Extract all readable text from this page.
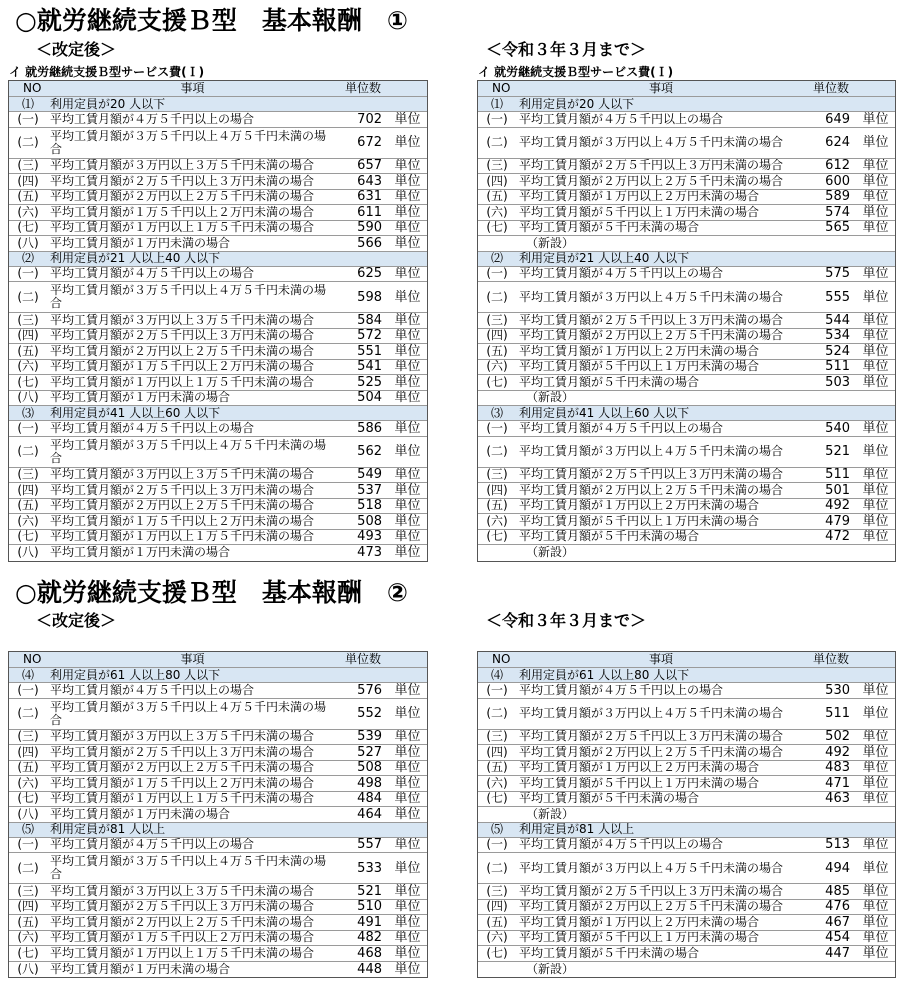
○就労継続支援Ｂ型　基本報酬　①
＜改定後＞	＜令和３年３月まで＞
イ 就労継続支援Ｂ型サービス費(Ｉ)	イ 就労継続支援Ｂ型サービス費(Ｉ)
NO	事項	単位数
⑴	利用定員が20 人以下
(一) 平均工賃月額が４万５千円以上の場合	702 単位
(二) 平均工賃月額が３万５千円以上４万５千円未満の場合	672 単位
(三) 平均工賃月額が３万円以上３万５千円未満の場合	657 単位
(四) 平均工賃月額が２万５千円以上３万円未満の場合	643 単位
(五) 平均工賃月額が２万円以上２万５千円未満の場合	631 単位
(六) 平均工賃月額が１万５千円以上２万円未満の場合	611 単位
(七) 平均工賃月額が１万円以上１万５千円未満の場合	590 単位
(八) 平均工賃月額が１万円未満の場合	566 単位
⑵	利用定員が21 人以上40 人以下
(一) 平均工賃月額が４万５千円以上の場合	625 単位
(二) 平均工賃月額が３万５千円以上４万５千円未満の場合	598 単位
(三) 平均工賃月額が３万円以上３万５千円未満の場合	584 単位
(四) 平均工賃月額が２万５千円以上３万円未満の場合	572 単位
(五) 平均工賃月額が２万円以上２万５千円未満の場合	551 単位
(六) 平均工賃月額が１万５千円以上２万円未満の場合	541 単位
(七) 平均工賃月額が１万円以上１万５千円未満の場合	525 単位
(八) 平均工賃月額が１万円未満の場合	504 単位
⑶	利用定員が41 人以上60 人以下
(一) 平均工賃月額が４万５千円以上の場合	586 単位
(二) 平均工賃月額が３万５千円以上４万５千円未満の場合	562 単位
(三) 平均工賃月額が３万円以上３万５千円未満の場合	549 単位
(四) 平均工賃月額が２万５千円以上３万円未満の場合	537 単位
(五) 平均工賃月額が２万円以上２万５千円未満の場合	518 単位
(六) 平均工賃月額が１万５千円以上２万円未満の場合	508 単位
(七) 平均工賃月額が１万円以上１万５千円未満の場合	493 単位
(八) 平均工賃月額が１万円未満の場合	473 単位
NO	事項	単位数
⑴	利用定員が20 人以下
(一) 平均工賃月額が４万５千円以上の場合	649 単位
(二) 平均工賃月額が３万円以上４万５千円未満の場合	624 単位
(三) 平均工賃月額が２万５千円以上３万円未満の場合	612 単位
(四) 平均工賃月額が２万円以上２万５千円未満の場合	600 単位
(五) 平均工賃月額が１万円以上２万円未満の場合	589 単位
(六) 平均工賃月額が５千円以上１万円未満の場合	574 単位
(七) 平均工賃月額が５千円未満の場合	565 単位
（新設）
⑵	利用定員が21 人以上40 人以下
(一) 平均工賃月額が４万５千円以上の場合	575 単位
(二) 平均工賃月額が３万円以上４万５千円未満の場合	555 単位
(三) 平均工賃月額が２万５千円以上３万円未満の場合	544 単位
(四) 平均工賃月額が２万円以上２万５千円未満の場合	534 単位
(五) 平均工賃月額が１万円以上２万円未満の場合	524 単位
(六) 平均工賃月額が５千円以上１万円未満の場合	511 単位
(七) 平均工賃月額が５千円未満の場合	503 単位
（新設）
⑶	利用定員が41 人以上60 人以下
(一) 平均工賃月額が４万５千円以上の場合	540 単位
(二) 平均工賃月額が３万円以上４万５千円未満の場合	521 単位
(三) 平均工賃月額が２万５千円以上３万円未満の場合	511 単位
(四) 平均工賃月額が２万円以上２万５千円未満の場合	501 単位
(五) 平均工賃月額が１万円以上２万円未満の場合	492 単位
(六) 平均工賃月額が５千円以上１万円未満の場合	479 単位
(七) 平均工賃月額が５千円未満の場合	472 単位
（新設）
○就労継続支援Ｂ型　基本報酬　②
＜改定後＞	＜令和３年３月まで＞
NO	事項	単位数
⑷	利用定員が61 人以上80 人以下
(一) 平均工賃月額が４万５千円以上の場合	576 単位
(二) 平均工賃月額が３万５千円以上４万５千円未満の場合	552 単位
(三) 平均工賃月額が３万円以上３万５千円未満の場合	539 単位
(四) 平均工賃月額が２万５千円以上３万円未満の場合	527 単位
(五) 平均工賃月額が２万円以上２万５千円未満の場合	508 単位
(六) 平均工賃月額が１万５千円以上２万円未満の場合	498 単位
(七) 平均工賃月額が１万円以上１万５千円未満の場合	484 単位
(八) 平均工賃月額が１万円未満の場合	464 単位
⑸	利用定員が81 人以上
(一) 平均工賃月額が４万５千円以上の場合	557 単位
(二) 平均工賃月額が３万５千円以上４万５千円未満の場合	533 単位
(三) 平均工賃月額が３万円以上３万５千円未満の場合	521 単位
(四) 平均工賃月額が２万５千円以上３万円未満の場合	510 単位
(五) 平均工賃月額が２万円以上２万５千円未満の場合	491 単位
(六) 平均工賃月額が１万５千円以上２万円未満の場合	482 単位
(七) 平均工賃月額が１万円以上１万５千円未満の場合	468 単位
(八) 平均工賃月額が１万円未満の場合	448 単位
NO	事項	単位数
⑷	利用定員が61 人以上80 人以下
(一) 平均工賃月額が４万５千円以上の場合	530 単位
(二) 平均工賃月額が３万円以上４万５千円未満の場合	511 単位
(三) 平均工賃月額が２万５千円以上３万円未満の場合	502 単位
(四) 平均工賃月額が２万円以上２万５千円未満の場合	492 単位
(五) 平均工賃月額が１万円以上２万円未満の場合	483 単位
(六) 平均工賃月額が５千円以上１万円未満の場合	471 単位
(七) 平均工賃月額が５千円未満の場合	463 単位
（新設）
⑸	利用定員が81 人以上
(一) 平均工賃月額が４万５千円以上の場合	513 単位
(二) 平均工賃月額が３万円以上４万５千円未満の場合	494 単位
(三) 平均工賃月額が２万５千円以上３万円未満の場合	485 単位
(四) 平均工賃月額が２万円以上２万５千円未満の場合	476 単位
(五) 平均工賃月額が１万円以上２万円未満の場合	467 単位
(六) 平均工賃月額が５千円以上１万円未満の場合	454 単位
(七) 平均工賃月額が５千円未満の場合	447 単位
（新設）
